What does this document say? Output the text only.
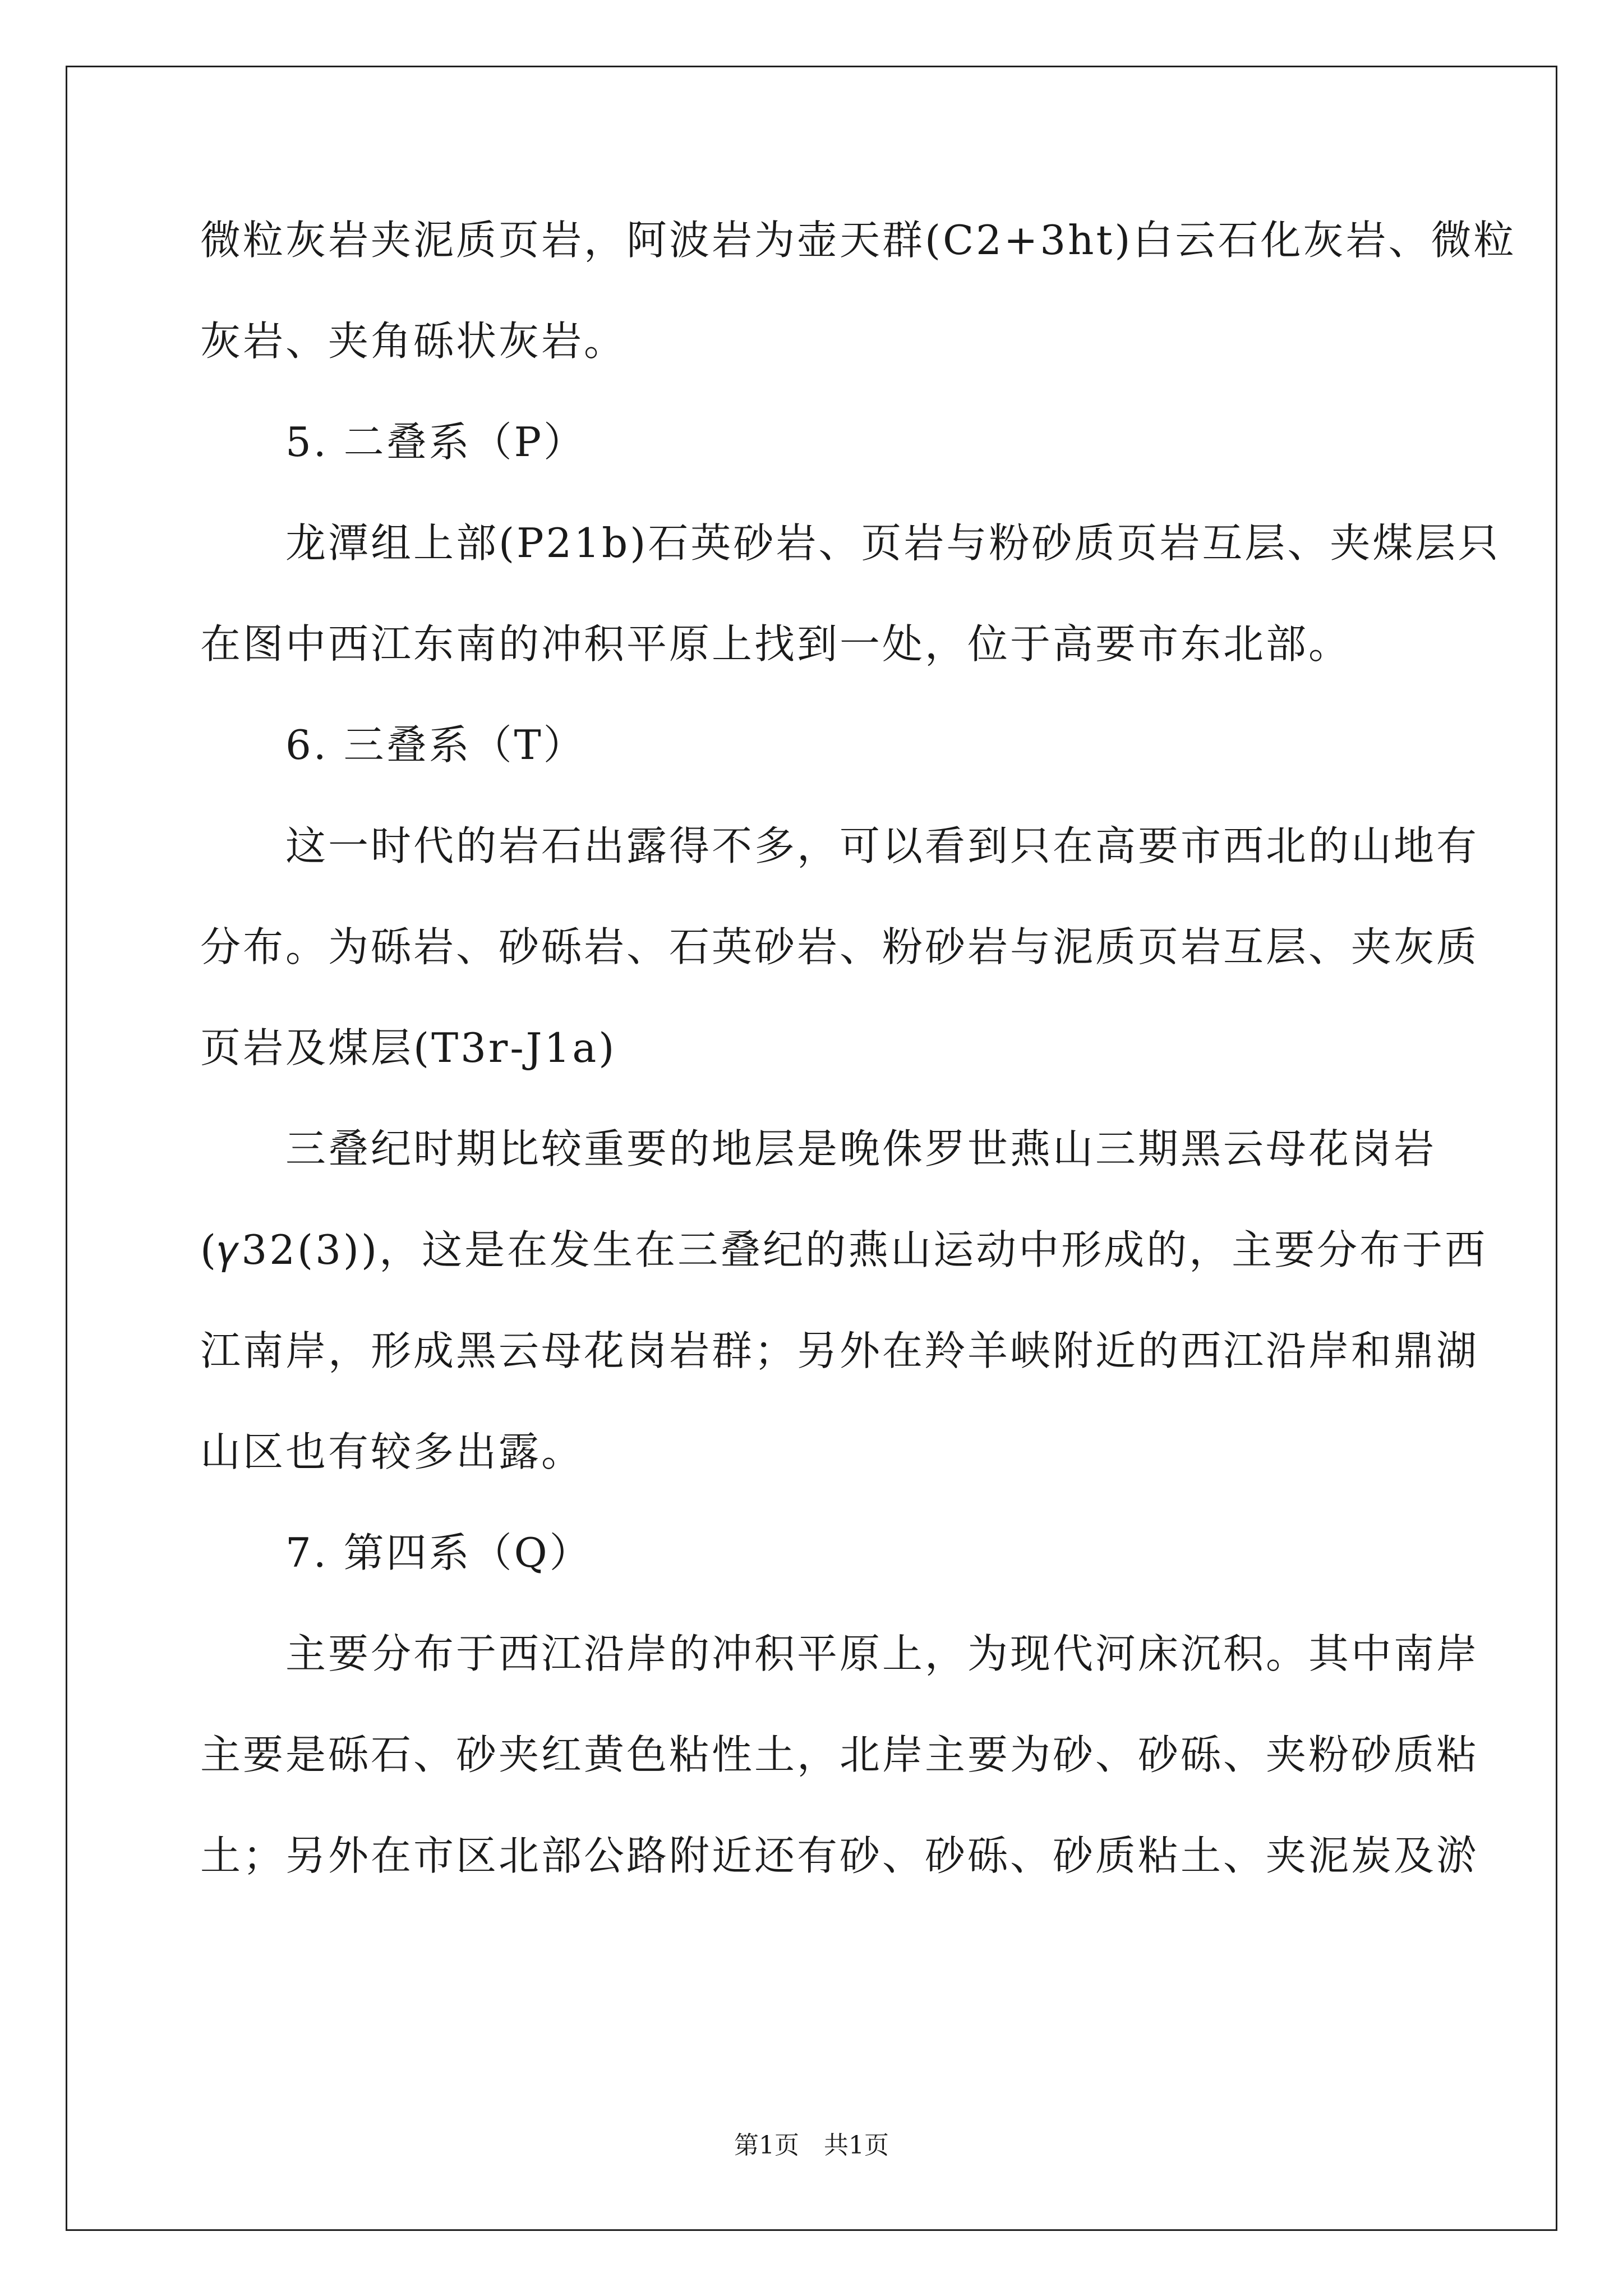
微粒灰岩夹泥质页岩，阿波岩为壶天群(C2+3ht)白云石化灰岩、微粒
灰岩、夹角砾状灰岩。
　　5. 二叠系（P）
　　龙潭组上部(P21b)石英砂岩、页岩与粉砂质页岩互层、夹煤层只
在图中西江东南的冲积平原上找到一处，位于高要市东北部。
　　6. 三叠系（T）
　　这一时代的岩石出露得不多，可以看到只在高要市西北的山地有
分布。为砾岩、砂砾岩、石英砂岩、粉砂岩与泥质页岩互层、夹灰质
页岩及煤层(T3r-J1a)
　　三叠纪时期比较重要的地层是晚侏罗世燕山三期黑云母花岗岩
(𝛾32(3))，这是在发生在三叠纪的燕山运动中形成的，主要分布于西
江南岸，形成黑云母花岗岩群；另外在羚羊峡附近的西江沿岸和鼎湖
山区也有较多出露。
　　7. 第四系（Q）
　　主要分布于西江沿岸的冲积平原上，为现代河床沉积。其中南岸
主要是砾石、砂夹红黄色粘性土，北岸主要为砂、砂砾、夹粉砂质粘
土；另外在市区北部公路附近还有砂、砂砾、砂质粘土、夹泥炭及淤
第1页　共1页
